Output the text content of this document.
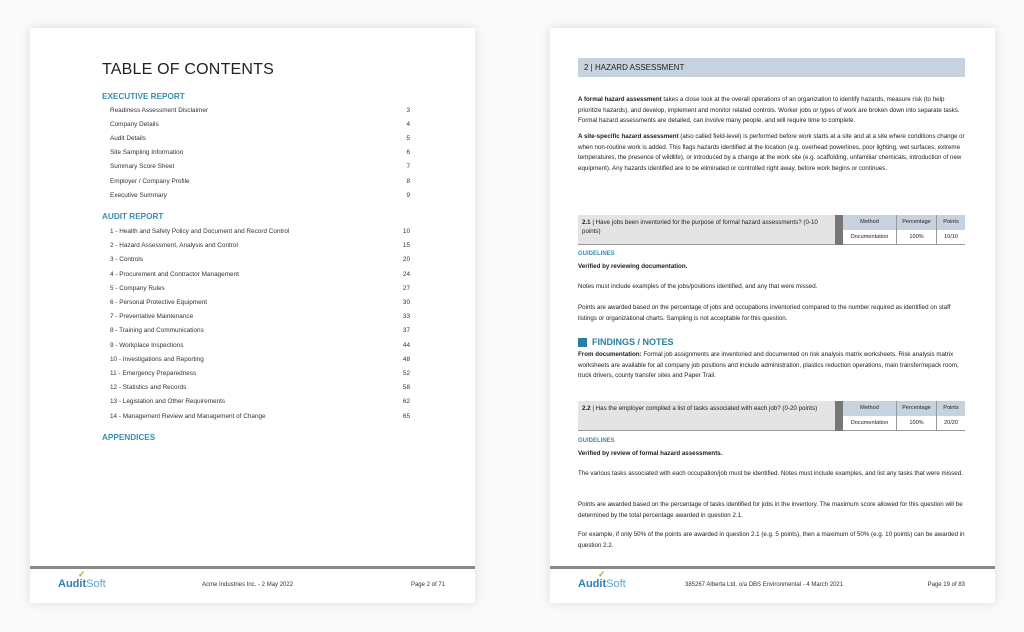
TABLE OF CONTENTS
EXECUTIVE REPORT
Readiness Assessment Disclaimer	3
Company Details	4
Audit Details	5
Site Sampling Information	6
Summary Score Sheet	7
Employer / Company Profile	8
Executive Summary	9
AUDIT REPORT
1 - Health and Safety Policy and Document and Record Control	10
2 - Hazard Assessment, Analysis and Control	15
3 - Controls	20
4 - Procurement and Contractor Management	24
5 - Company Rules	27
6 - Personal Protective Equipment	30
7 - Preventative Maintenance	33
8 - Training and Communications	37
9 - Workplace Inspections	44
10 - Investigations and Reporting	48
11 - Emergency Preparedness	52
12 - Statistics and Records	58
13 - Legislation and Other Requirements	62
14 - Management Review and Management of Change	65
APPENDICES
✓
AuditSoft	Acme Industries Inc. - 2 May 2022	Page 2 of 71
2 | HAZARD ASSESSMENT
A formal hazard assessment takes a close look at the overall operations of an organization to identify hazards, measure risk (to help prioritize hazards), and develop, implement and monitor related controls. Worker jobs or types of work are broken down into separate tasks. Formal hazard assessments are detailed, can involve many people, and will require time to complete.
A site-specific hazard assessment (also called field-level) is performed before work starts at a site and at a site where conditions change or when non-routine work is added. This flags hazards identified at the location (e.g. overhead powerlines, poor lighting, wet surfaces, extreme temperatures, the presence of wildlife), or introduced by a change at the work site (e.g. scaffolding, unfamiliar chemicals, introduction of new equipment). Any hazards identified are to be eliminated or controlled right away, before work begins or continues.
2.1 | Have jobs been inventoried for the purpose of formal hazard assessments? (0-10 points)
Method	Percentage	Points
Documentation	100%	10/10
GUIDELINES
Verified by reviewing documentation.
Notes must include examples of the jobs/positions identified, and any that were missed.
Points are awarded based on the percentage of jobs and occupations inventoried compared to the number required as identified on staff listings or organizational charts. Sampling is not acceptable for this question.
FINDINGS / NOTES
From documentation: Formal job assignments are inventoried and documented on risk analysis matrix worksheets. Risk analysis matrix worksheets are available for all company job positions and include administration, plastics reduction operations, main transfer/repack room, truck drivers, county transfer sites and Paper Trail.
2.2 | Has the employer compiled a list of tasks associated with each job? (0-20 points)	Method	Percentage	Points
Documentation	100%	20/20
GUIDELINES
Verified by review of formal hazard assessments.
The various tasks associated with each occupation/job must be identified. Notes must include examples, and list any tasks that were missed.
Points are awarded based on the percentage of tasks identified for jobs in the inventory. The maximum score allowed for this question will be determined by the total percentage awarded in question 2.1.
For example, if only 50% of the points are awarded in question 2.1 (e.g. 5 points), then a maximum of 50% (e.g. 10 points) can be awarded in question 2.2.
✓
AuditSoft	385267 Alberta Ltd. o/a DBS Environmental - 4 March 2021	Page 19 of 83
